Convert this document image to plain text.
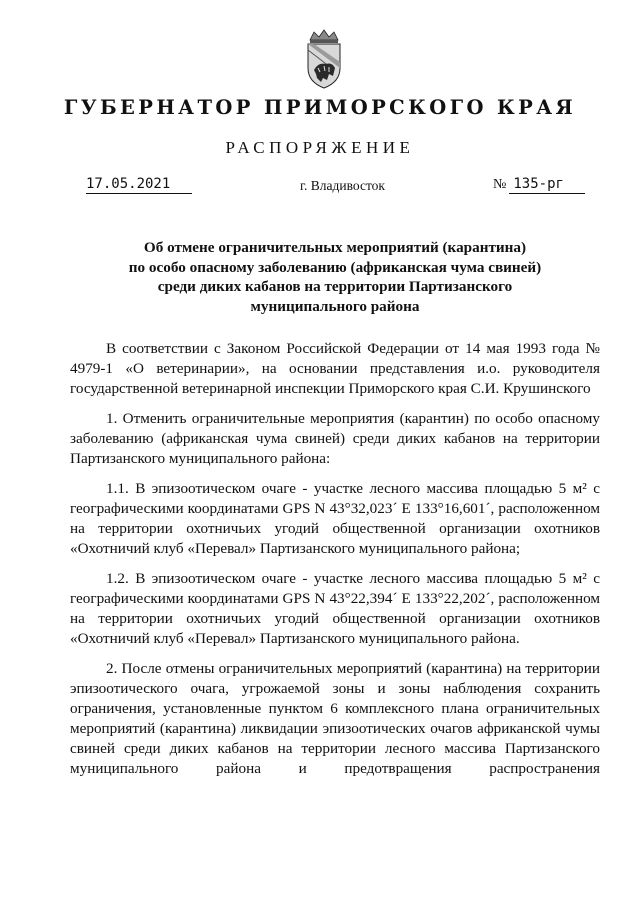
ГУБЕРНАТОР ПРИМОРСКОГО КРАЯ
РАСПОРЯЖЕНИЕ
17.05.2021	г. Владивосток	№ 135-рг
Об отмене ограничительных мероприятий (карантина)
по особо опасному заболеванию (африканская чума свиней)
среди диких кабанов на территории Партизанского
муниципального района

В соответствии с Законом Российской Федерации от 14 мая 1993 года № 4979-1 «О ветеринарии», на основании представления и.о. руководителя государственной ветеринарной инспекции Приморского края С.И. Крушинского

1. Отменить ограничительные мероприятия (карантин) по особо опасному заболеванию (африканская чума свиней) среди диких кабанов на территории Партизанского муниципального района:

1.1. В эпизоотическом очаге - участке лесного массива площадью 5 м² с географическими координатами GPS N 43°32,023´ E 133°16,601´, расположенном на территории охотничьих угодий общественной организации охотников «Охотничий клуб «Перевал» Партизанского муниципального района;

1.2. В эпизоотическом очаге - участке лесного массива площадью 5 м² с географическими координатами GPS N 43°22,394´ E 133°22,202´, расположенном на территории охотничьих угодий общественной организации охотников «Охотничий клуб «Перевал» Партизанского муниципального района.

2. После отмены ограничительных мероприятий (карантина) на территории эпизоотического очага, угрожаемой зоны и зоны наблюдения сохранить ограничения, установленные пунктом 6 комплексного плана ограничительных мероприятий (карантина) ликвидации эпизоотических очагов африканской чумы свиней среди диких кабанов на территории лесного массива Партизанского муниципального района и предотвращения распространения
